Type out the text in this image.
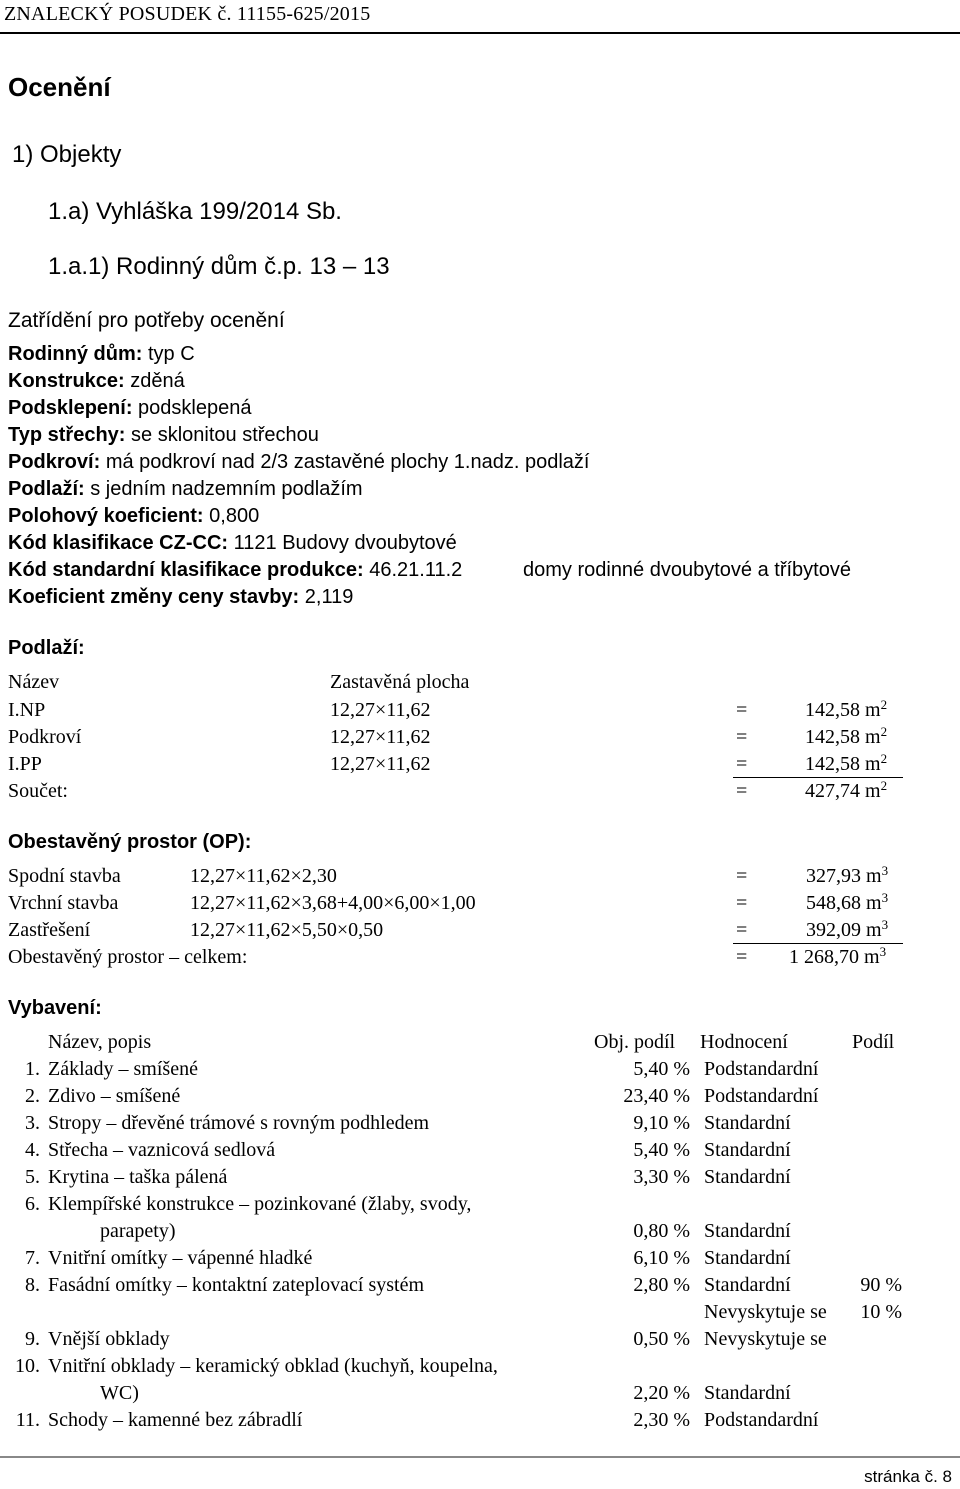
ZNALECKÝ POSUDEK č. 11155-625/2015
Ocenění
1) Objekty
1.a) Vyhláška 199/2014 Sb.
1.a.1) Rodinný dům č.p. 13 – 13
Zatřídění pro potřeby ocenění
Rodinný dům: typ C
Konstrukce: zděná
Podsklepení: podsklepená
Typ střechy: se sklonitou střechou
Podkroví: má podkroví nad 2/3 zastavěné plochy 1.nadz. podlaží
Podlaží: s jedním nadzemním podlažím
Polohový koeficient: 0,800
Kód klasifikace CZ-CC: 1121 Budovy dvoubytové
Kód standardní klasifikace produkce: 46.21.11.2	domy rodinné dvoubytové a tříbytové
Koeficient změny ceny stavby: 2,119
Podlaží:
Název	Zastavěná plocha
I.NP	12,27×11,62	=	142,58 $m^2$
Podkroví	12,27×11,62	=	142,58 $m^2$
I.PP	12,27×11,62	=	142,58 $m^2$
Součet:	=	427,74 $m^2$
Obestavěný prostor (OP):
Spodní stavba	12,27×11,62×2,30	=	327,93 $m^3$
Vrchní stavba	12,27×11,62×3,68+4,00×6,00×1,00	=	548,68 $m^3$
Zastřešení	12,27×11,62×5,50×0,50	=	392,09 $m^3$
Obestavěný prostor – celkem:	= 1 268,70 $m^3$
Vybavení:
Název, popis	Obj. podíl Hodnocení	Podíl
1. Základy – smíšené	5,40 % Podstandardní
2. Zdivo – smíšené	23,40 % Podstandardní
3. Stropy – dřevěné trámové s rovným podhledem	9,10 % Standardní
4. Střecha – vaznicová sedlová	5,40 % Standardní
5. Krytina – taška pálená	3,30 % Standardní
6. Klempířské konstrukce – pozinkované (žlaby, svody,
parapety)	0,80 % Standardní
7. Vnitřní omítky – vápenné hladké	6,10 % Standardní
8. Fasádní omítky – kontaktní zateplovací systém	2,80 % Standardní	90 %
Nevyskytuje se	10 %
9. Vnější obklady	0,50 % Nevyskytuje se
10. Vnitřní obklady – keramický obklad (kuchyň, koupelna,
WC)	2,20 % Standardní
11. Schody – kamenné bez zábradlí	2,30 % Podstandardní
stránka č. 8
